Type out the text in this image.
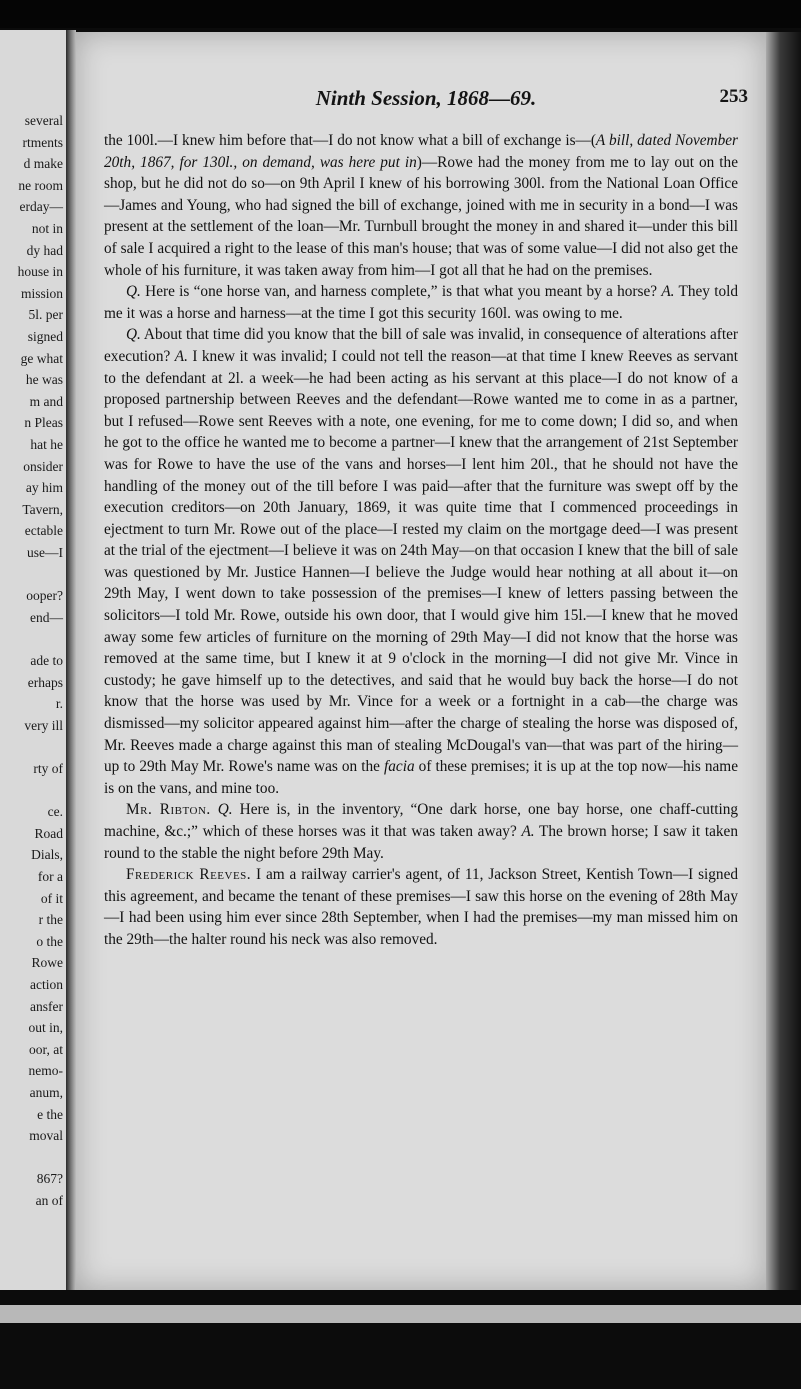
several
rtments
d make
ne room
erday—
not in
dy had
house in
mission
5l. per
signed
ge what
he was
m and
n Pleas
hat he
onsider
ay him
Tavern,
ectable
use—I
ooper?
end—
ade to
erhaps
r.
very ill
rty of
ce.
Road
Dials,
for a
of it
r the
o the
Rowe
action
ansfer
out in,
oor, at
nemo-
anum,
e the
moval
867?
an of
Ninth Session, 1868—69.	253

the 100l.—I knew him before that—I do not know what a bill of exchange is—(A bill, dated November 20th, 1867, for 130l., on demand, was here put in)—Rowe had the money from me to lay out on the shop, but he did not do so—on 9th April I knew of his borrowing 300l. from the National Loan Office—James and Young, who had signed the bill of exchange, joined with me in security in a bond—I was present at the settlement of the loan—Mr. Turnbull brought the money in and shared it—under this bill of sale I acquired a right to the lease of this man's house; that was of some value—I did not also get the whole of his furniture, it was taken away from him—I got all that he had on the premises.

Q. Here is “one horse van, and harness complete,” is that what you meant by a horse? A. They told me it was a horse and harness—at the time I got this security 160l. was owing to me.

Q. About that time did you know that the bill of sale was invalid, in consequence of alterations after execution? A. I knew it was invalid; I could not tell the reason—at that time I knew Reeves as servant to the defendant at 2l. a week—he had been acting as his servant at this place—I do not know of a proposed partnership between Reeves and the defendant—Rowe wanted me to come in as a partner, but I refused—Rowe sent Reeves with a note, one evening, for me to come down; I did so, and when he got to the office he wanted me to become a partner—I knew that the arrangement of 21st September was for Rowe to have the use of the vans and horses—I lent him 20l., that he should not have the handling of the money out of the till before I was paid—after that the furniture was swept off by the execution creditors—on 20th January, 1869, it was quite time that I commenced proceedings in ejectment to turn Mr. Rowe out of the place—I rested my claim on the mortgage deed—I was present at the trial of the ejectment—I believe it was on 24th May—on that occasion I knew that the bill of sale was questioned by Mr. Justice Hannen—I believe the Judge would hear nothing at all about it—on 29th May, I went down to take possession of the premises—I knew of letters passing between the solicitors—I told Mr. Rowe, outside his own door, that I would give him 15l.—I knew that he moved away some few articles of furniture on the morning of 29th May—I did not know that the horse was removed at the same time, but I knew it at 9 o'clock in the morning—I did not give Mr. Vince in custody; he gave himself up to the detectives, and said that he would buy back the horse—I do not know that the horse was used by Mr. Vince for a week or a fortnight in a cab—the charge was dismissed—my solicitor appeared against him—after the charge of stealing the horse was disposed of, Mr. Reeves made a charge against this man of stealing McDougal's van—that was part of the hiring—up to 29th May Mr. Rowe's name was on the facia of these premises; it is up at the top now—his name is on the vans, and mine too.

Mr. Ribton. Q. Here is, in the inventory, “One dark horse, one bay horse, one chaff-cutting machine, &c.;” which of these horses was it that was taken away? A. The brown horse; I saw it taken round to the stable the night before 29th May.

Frederick Reeves. I am a railway carrier's agent, of 11, Jackson Street, Kentish Town—I signed this agreement, and became the tenant of these premises—I saw this horse on the evening of 28th May—I had been using him ever since 28th September, when I had the premises—my man missed him on the 29th—the halter round his neck was also removed.
